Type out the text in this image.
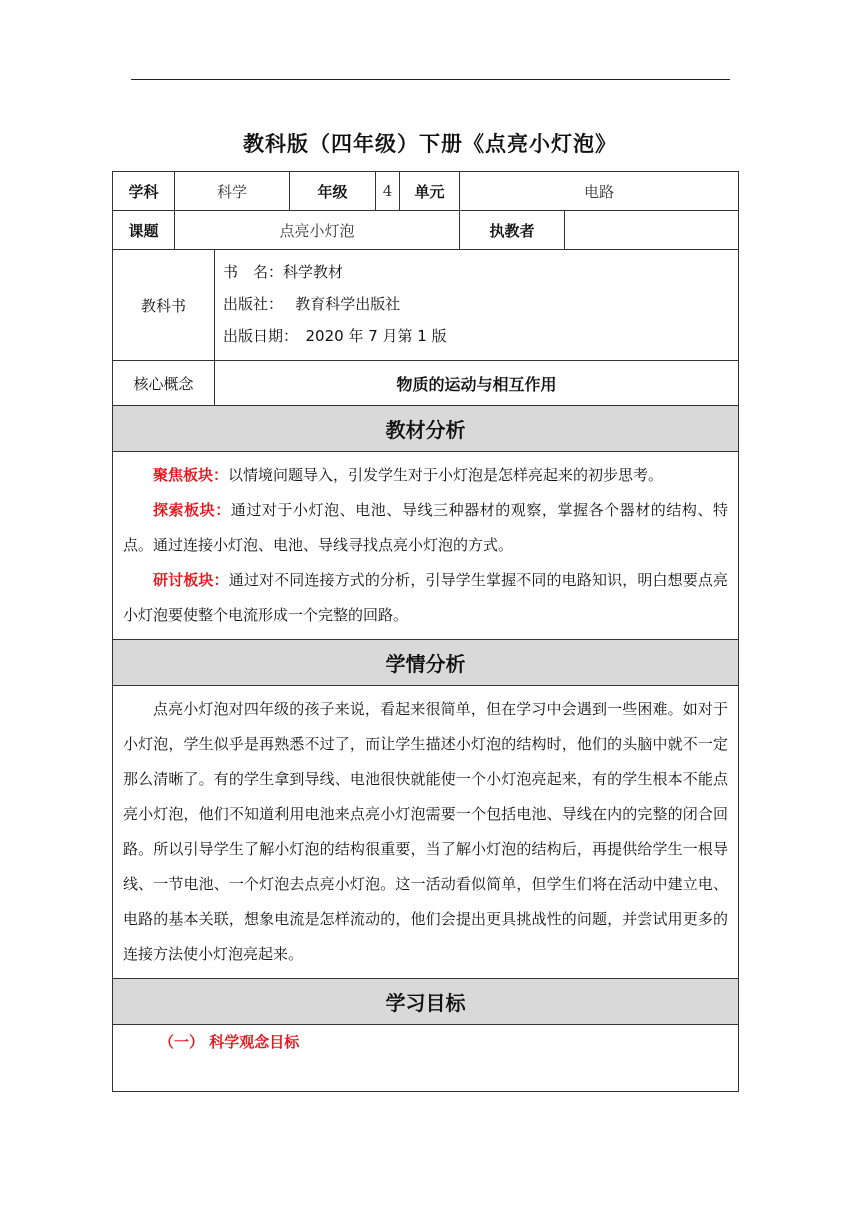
教科版（四年级）下册《点亮小灯泡》
学科	科学		年级	4	单元	电路	
课题	点亮小灯泡					执教者	
教科书		书　名：科学教材
出版社：　 教育科学出版社
出版日期：　2020 年 7 月第 1 版					

核心概念		物质的运动与相互作用					
教材分析							

聚焦板块：以情境问题导入，引发学生对于小灯泡是怎样亮起来的初步思考。

探索板块：通过对于小灯泡、电池、导线三种器材的观察，掌握各个器材的结构、特点。通过连接小灯泡、电池、导线寻找点亮小灯泡的方式。

研讨板块：通过对不同连接方式的分析，引导学生掌握不同的电路知识，明白想要点亮小灯泡要使整个电流形成一个完整的回路。							

学情分析							

点亮小灯泡对四年级的孩子来说，看起来很简单，但在学习中会遇到一些困难。如对于小灯泡，学生似乎是再熟悉不过了，而让学生描述小灯泡的结构时，他们的头脑中就不一定那么清晰了。有的学生拿到导线、电池很快就能使一个小灯泡亮起来，有的学生根本不能点亮小灯泡，他们不知道利用电池来点亮小灯泡需要一个包括电池、导线在内的完整的闭合回路。所以引导学生了解小灯泡的结构很重要，当了解小灯泡的结构后，再提供给学生一根导线、一节电池、一个灯泡去点亮小灯泡。这一活动看似简单，但学生们将在活动中建立电、电路的基本关联，想象电流是怎样流动的，他们会提出更具挑战性的问题，并尝试用更多的连接方法使小灯泡亮起来。							

学习目标							
（一） 科学观念目标							
